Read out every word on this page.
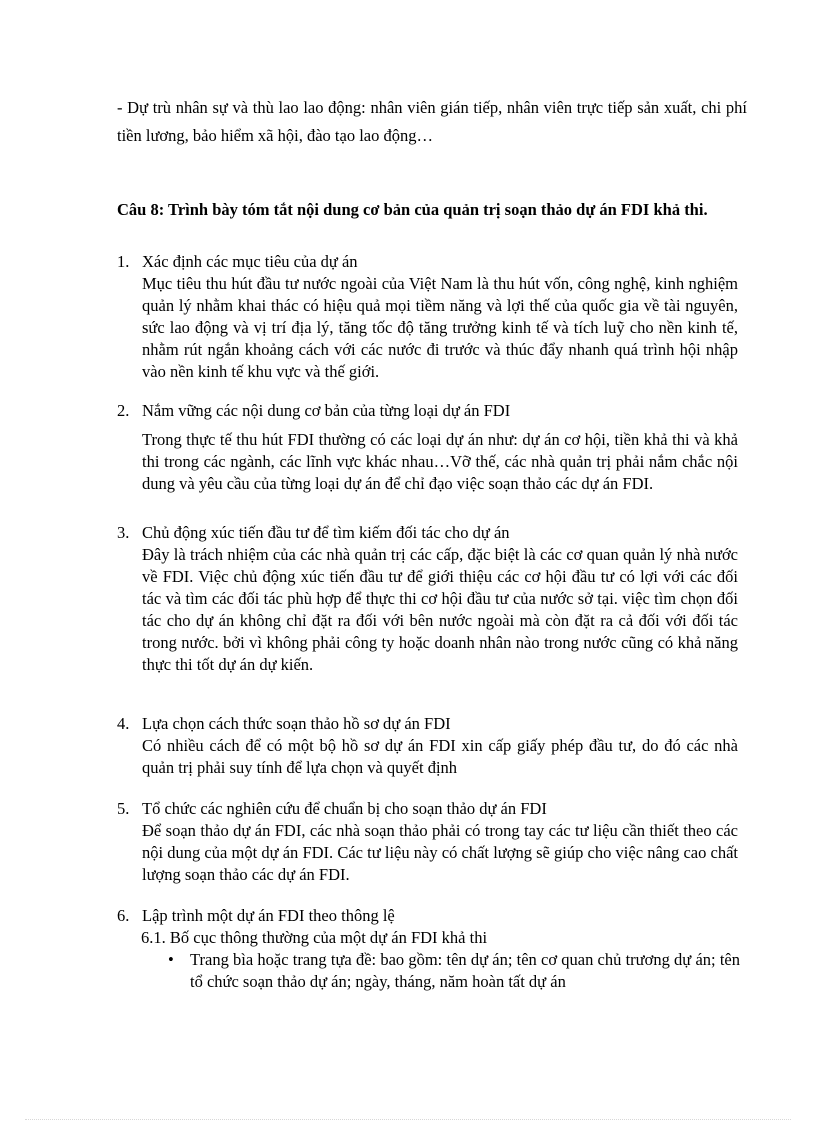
- Dự trù nhân sự và thù lao lao động: nhân viên gián tiếp, nhân viên trực tiếp sản xuất, chi phí tiền lương, bảo hiểm xã hội, đào tạo lao động…

Câu 8: Trình bày tóm tắt nội dung cơ bản của quản trị soạn thảo dự án FDI khả thi.
1. Xác định các mục tiêu của dự án
Mục tiêu thu hút đầu tư nước ngoài của Việt Nam là thu hút vốn, công nghệ, kinh nghiệm quản lý nhằm khai thác có hiệu quả mọi tiềm năng và lợi thế của quốc gia về tài nguyên, sức lao động và vị trí địa lý, tăng tốc độ tăng trưởng kinh tế và tích luỹ cho nền kinh tế, nhằm rút ngắn khoảng cách với các nước đi trước và thúc đẩy nhanh quá trình hội nhập vào nền kinh tế khu vực và thế giới.
2. Nắm vững các nội dung cơ bản của từng loại dự án FDI
Trong thực tế thu hút FDI thường có các loại dự án như: dự án cơ hội, tiền khả thi và khả thi trong các ngành, các lĩnh vực khác nhau…Vỡ thế, các nhà quản trị phải nắm chắc nội dung và yêu cầu của từng loại dự án để chỉ đạo việc soạn thảo các dự án FDI.
3. Chủ động xúc tiến đầu tư để tìm kiếm đối tác cho dự án
Đây là trách nhiệm của các nhà quản trị các cấp, đặc biệt là các cơ quan quản lý nhà nước về FDI. Việc chủ động xúc tiến đầu tư để giới thiệu các cơ hội đầu tư có lợi với các đối tác và tìm các đối tác phù hợp để thực thi cơ hội đầu tư của nước sở tại. việc tìm chọn đối tác cho dự án không chỉ đặt ra đối với bên nước ngoài mà còn đặt ra cả đối với đối tác trong nước. bởi vì không phải công ty hoặc doanh nhân nào trong nước cũng có khả năng thực thi tốt dự án dự kiến.
4. Lựa chọn cách thức soạn thảo hồ sơ dự án FDI
Có nhiều cách để có một bộ hồ sơ dự án FDI xin cấp giấy phép đầu tư, do đó các nhà quản trị phải suy tính để lựa chọn và quyết định
5. Tổ chức các nghiên cứu để chuẩn bị cho soạn thảo dự án FDI
Để soạn thảo dự án FDI, các nhà soạn thảo phải có trong tay các tư liệu cần thiết theo các nội dung của một dự án FDI. Các tư liệu này có chất lượng sẽ giúp cho việc nâng cao chất lượng soạn thảo các dự án FDI.
6. Lập trình một dự án FDI theo thông lệ
6.1. Bố cục thông thường của một dự án FDI khả thi
• Trang bìa hoặc trang tựa đề: bao gồm: tên dự án; tên cơ quan chủ trương dự án; tên tổ chức soạn thảo dự án; ngày, tháng, năm hoàn tất dự án
